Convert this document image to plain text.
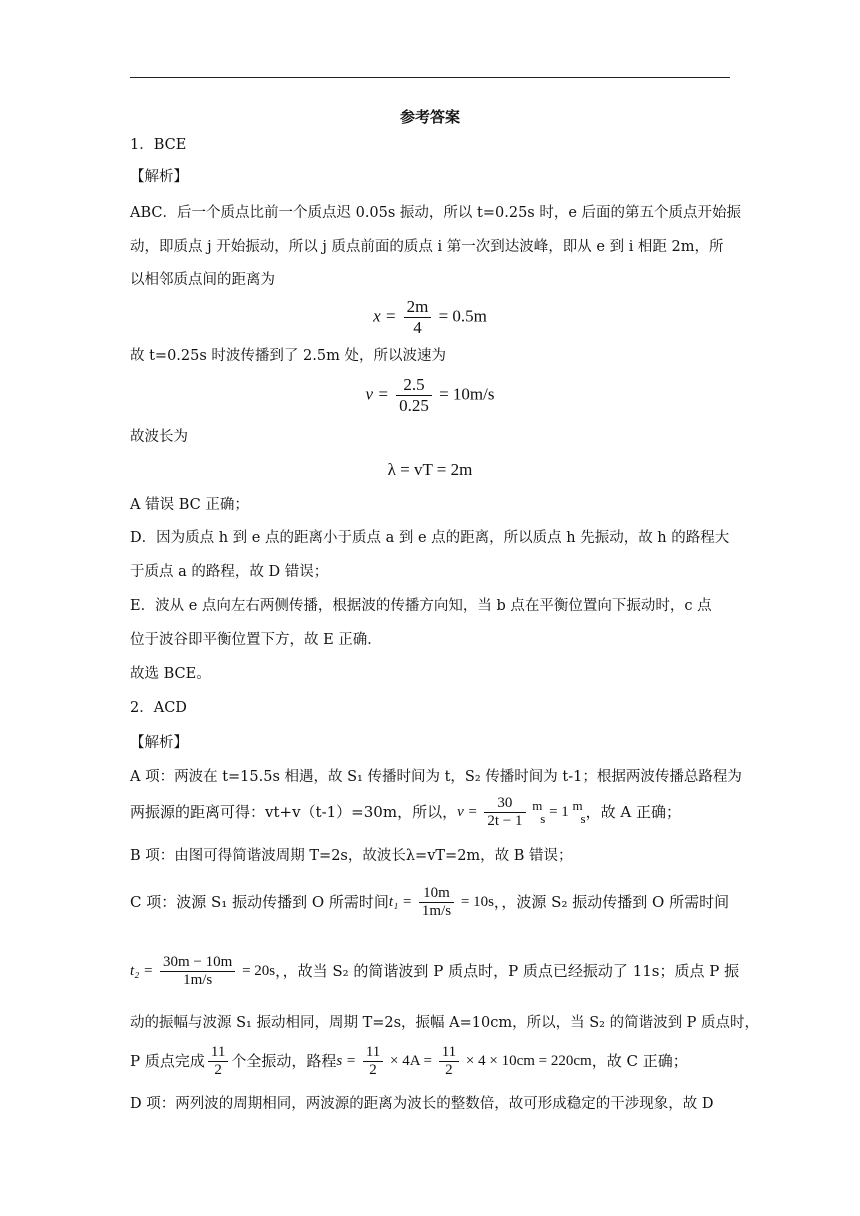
参考答案
1．BCE
【解析】
ABC．后一个质点比前一个质点迟 0.05s 振动，所以 t=0.25s 时，e 后面的第五个质点开始振
动，即质点 j 开始振动，所以 j 质点前面的质点 i 第一次到达波峰，即从 e 到 i 相距 2m，所
以相邻质点间的距离为
$x = \frac{2m}{4} = 0.5m$
故 t=0.25s 时波传播到了 2.5m 处，所以波速为
$v = \frac{2.5}{0.25} = 10m/s$
故波长为
λ = vT = 2m
A 错误 BC 正确；
D．因为质点 h 到 e 点的距离小于质点 a 到 e 点的距离，所以质点 h 先振动，故 h 的路程大
于质点 a 的路程，故 D 错误；
E．波从 e 点向左右两侧传播，根据波的传播方向知，当 b 点在平衡位置向下振动时，c 点
位于波谷即平衡位置下方，故 E 正确．
故选 BCE。
2．ACD
【解析】
A 项：两波在 t=15.5s 相遇，故 S₁ 传播时间为 t，S₂ 传播时间为 t-1；根据两波传播总路程为
两振源的距离可得：vt+v（t-1）=30m，所以， $v = \frac{30}{2t - 1}$
m
s = 1 m
s ，故 A 正确；
B 项：由图可得简谐波周期 T=2s，故波长λ=vT=2m，故 B 错误；
C 项：波源 S₁ 振动传播到 O 所需时间 $t_1 = \frac{10m}{1m/s} = 10s$ ，，波源 S₂ 振动传播到 O 所需时间
$t_2 = \frac{30m - 10m}{1m/s} = 20s$ ，，故当 S₂ 的简谐波到 P 质点时，P 质点已经振动了 11s；质点 P 振
动的振幅与波源 S₁ 振动相同，周期 T=2s，振幅 A=10cm，所以，当 S₂ 的简谐波到 P 质点时，
P 质点完成 $\frac{11}{2}$ 个全振动，路程 $s = \frac{11}{2} \times 4A = \frac{11}{2} \times 4 \times 10cm = 220cm$ ，故 C 正确；
D 项：两列波的周期相同，两波源的距离为波长的整数倍，故可形成稳定的干涉现象，故 D
